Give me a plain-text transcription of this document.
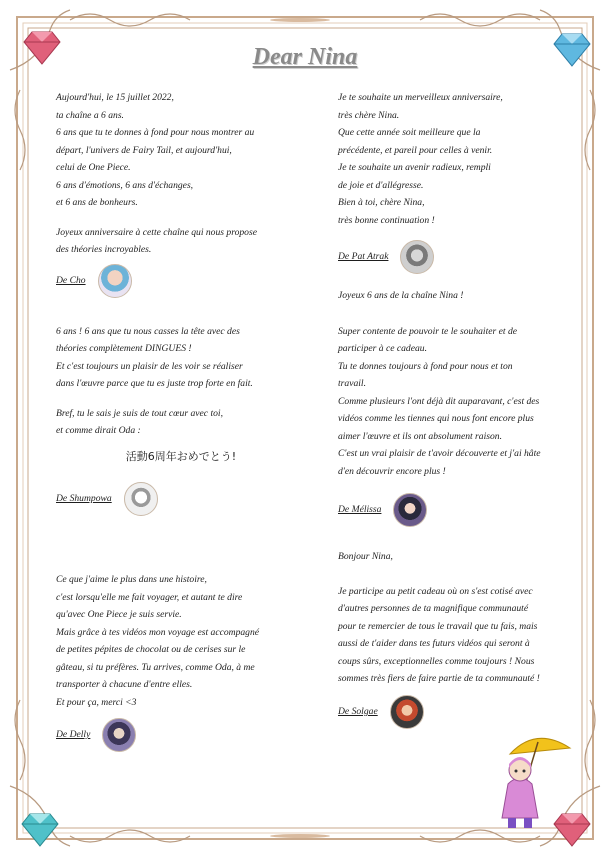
Dear Nina

Aujourd'hui, le 15 juillet 2022,
ta chaîne a 6 ans.
6 ans que tu te donnes à fond pour nous montrer au
départ, l'univers de Fairy Tail, et aujourd'hui,
celui de One Piece.
6 ans d'émotions, 6 ans d'échanges,
et 6 ans de bonheurs.

Joyeux anniversaire à cette chaîne qui nous propose
des théories incroyables.

De Cho

6 ans ! 6 ans que tu nous casses la tête avec des
théories complètement DINGUES !
Et c'est toujours un plaisir de les voir se réaliser
dans l'œuvre parce que tu es juste trop forte en fait.

Bref, tu le sais je suis de tout cœur avec toi,
et comme dirait Oda :

活動6周年おめでとう!
De Shumpowa

Ce que j'aime le plus dans une histoire,
c'est lorsqu'elle me fait voyager, et autant te dire
qu'avec One Piece je suis servie.
Mais grâce à tes vidéos mon voyage est accompagné
de petites pépites de chocolat ou de cerises sur le
gâteau, si tu préfères. Tu arrives, comme Oda, à me
transporter à chacune d'entre elles.
Et pour ça, merci <3

De Delly

Je te souhaite un merveilleux anniversaire,
très chère Nina.
Que cette année soit meilleure que la
précédente, et pareil pour celles à venir.
Je te souhaite un avenir radieux, rempli
de joie et d'allégresse.
Bien à toi, chère Nina,
très bonne continuation !

De Pat Atrak

Joyeux 6 ans de la chaîne Nina !

Super contente de pouvoir te le souhaiter et de
participer à ce cadeau.
Tu te donnes toujours à fond pour nous et ton
travail.
Comme plusieurs l'ont déjà dit auparavant, c'est des
vidéos comme les tiennes qui nous font encore plus
aimer l'œuvre et ils ont absolument raison.
C'est un vrai plaisir de t'avoir découverte et j'ai hâte
d'en découvrir encore plus !

De Mélissa

Bonjour Nina,

Je participe au petit cadeau où on s'est cotisé avec
d'autres personnes de ta magnifique communauté
pour te remercier de tous le travail que tu fais, mais
aussi de t'aider dans tes futurs vidéos qui seront à
coups sûrs, exceptionnelles comme toujours ! Nous
sommes très fiers de faire partie de ta communauté !

De Solgae
